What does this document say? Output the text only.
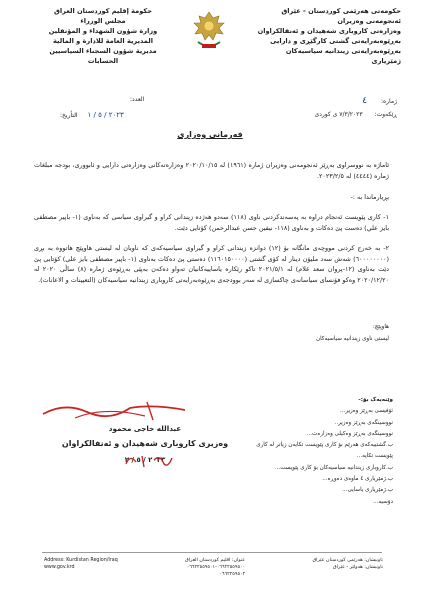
حكومەتی هەرێمی کوردستان - عێراق
ئەنجومەنی وەزیران
وەزارەتی کاروباری شەهیدان و ئەنفالکراوان
بەڕێوەبەرایەتی گشتی کارگێڕی و دارایی
بەڕێوەبەرایەتی زیندانیە سیاسیەکان
ژمێریاری
حكومة إقليم كوردستان العراق
مجلس الوزراء
وزارة شؤون الشهداء و المؤنفلين
المديرية العامة للادارة و المالية
مديرية شؤون السجناء السياسيين
الحسابات
ژمارە: ٤
ڕێکەوت: ٧/٣/٢٠٢٣ ی کوردی
العدد:
٢٠٢٣ / ٥ / ١ التأريخ:
فەرمانی وەزاری
ئاماژە بە نووسراوی بەڕێز ئەنجومەنی وەزیران ژمارە (١٩٦١) لە ٢٠٢٠/١٠/١٥ وەزارەتەکانی وەزارەتی دارایی و ئابووری، بودجە مبلغات ژمارە (٤٤٤٤) لە ٢٠٢٣/٢/٥.
بڕیارماندا بە :-
١- کاری پێویست ئەنجام دراوە بە پەسەندکردنی ناوی (١١٨) سەدو هەژدە زیندانی کراو و گیراوی سیاسی کە بەناوی (١- باپیر مصطفى بایز علي) دەست پێ دەکات و بەناوی (١١٨- نيفين حسن عبدالرحمن) کۆتایی دێت.
٢- بە خەرج کردنی مووچەی مانگانە بۆ (١٢) دوانزە زیندانی کراو و گیراوی سیاسیەکەی کە ناویان لە لیستی هاوپێچ هاتووە بە بڕی (٦٠٠٠٠٠٠٠٠) شەش سەد ملیۆن دینار لە کۆی گشتی (١١٦٠١٥٠٠٠٠) دەستی پێ دەکات بەناوی (١- باپیر مصطفى بایز علی) کۆتایی پێ دێت بەناوی (١٢-پروان سعد غلام) لە ٢٠٢١/٥/١ تاکو رێکارە یاساییەکانیان تەواو دەکەن بەپێی بەڕێوەی ژمارە (٨) ساڵی ٢٠٢٠ لە ٢٠٢٠/١٢/٢٠ وەکو فۆنسای سیاسانەی چاکسازی لە سەر بوودجەی بەڕێوەبەرایەتی کاروباری زیندانیە سیاسیەکان (التعيينات و الاعانات).
هاوپێچ:
لیستی ناوی زیندانیە سیاسیەکان
عبدالله حاجی محمود
وەزیری کاروباری شەهیدان و ئەنفالکراوان
٢٠٢٣ / ٥ / ٢
وێنەیەک بۆ:-
ئۆفیسی بەڕێز وەزیر...
نووسینگەی بەڕێز وەزیر..
نووسینگەی بەڕێز وەکیلی وەزارەت...
ب.گشتییەکەی هەرێم بۆ کاری پێویست تکایەن زیاتر لە کاری پێویست تکایە...
ب.کاروباری زیندانیە سیاسیەکان بۆ کاری پێویست...
ب.ژمێریاری ٤ ماوەی دەوڕە...
ب.ژمێریاری یاسایی...
دۆسیە...
Address: Kurdistan Region/Iraq
www.gov.krd
عنوان: اقليم كوردستان العراق
٠٦٦٢٢٥٥٩٥٠٠-٠٦٦٢٢٥٥٩٥٠١
٠٦٦٢٢٥٩٥٠٢
ناونیشان: هەرێمی کوردستان عێراق
ناونیشان: هەولێر - عێراق
